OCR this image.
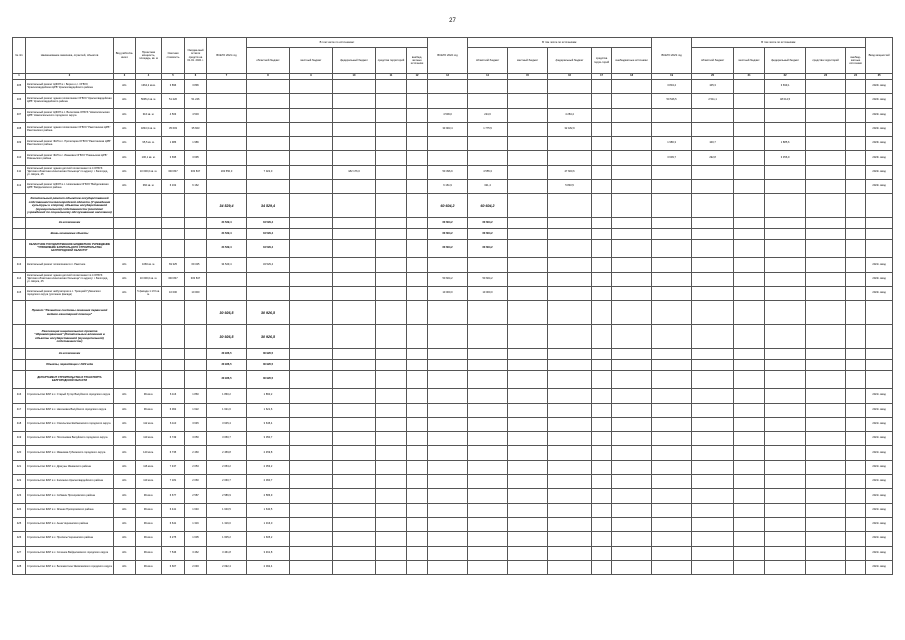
27
№ п/п	Наименование заказчика, отраслей, объектов	Вид работ/ие-иного	Проектная мощность, площадь, кв. м	Сметная стоимость	Ожидае-мый остаток средств на 01.01. 2021 г.	ВСЕГО 2021 год	В том числе по источникам:					ВСЕГО 2022 год	В том числе по источникам:					ВСЕГО 2023 год	В том числе по источникам:					Ввод мощностей
							областной бюджет	местный бюджет	федеральный бюджет	средства территорий	внебюд-жетные источники		областной бюджет	местный бюджет	федеральный бюджет	средства терри-торий	внебюджетные источники		областной бюджет	местный бюджет	федеральный бюджет	средства территорий	внебюд-жетные источники	
1	2	3	4	5	6	7	8	9	10	11	12	13	14	15	16	17	18	19	20	21	22	23	24	25
405	Капитальный ремонт ЦФОП в г. Бирюч и с. ОГБУЗ "Красногвардейская ЦРБ" Красногвардейского района	обл.	1364,2 кв.м.	3 896	3 896													3 804,4	105,3		3 699,1			2024г. ввод
406	Капитальный ремонт здания поликлиники ОГБУЗ "Красногвардейская ЦРБ" Красногвардейского района	обл.	5695,2 кв. м.	51 226	51 226													50 526,5	2 511,1		48 014,5			2024г. ввод
407	Капитальный ремонт ЦФОП в с. Веселовка ОГБУЗ "Новооскольская ЦРБ" Новооскольского городского округа	обл.	316 кв. м.	4 503	4 503							4 509,0	224,6		4 284,4									2022г. ввод
408	Капитальный ремонт здания поликлиники ОГБУЗ "Ракитянская ЦРБ" Ракитянского района	обл.	1843,3 кв. м.	35 603	35 603							33 903,4	1 775,5		32 182,9									2022г. ввод
409	Капитальный ремонт ФАП в п. Пролетарка ОГБУЗ "Ракитянская ЦРБ" Ракитянского района	обл.	95,5 кв. м.	1 986	1 986													1 986,3	100,7		1 885,6			2023г. ввод
410	Капитальный ремонт ФАП в с. Ивановка ОГБУЗ "Ровеньская ЦРБ" Ровеньского района	обл.	106,1 кв. м.	3 695	3 695													3 609,7	292,8		3 356,9			2023г. ввод
411	Капитальный ремонт здания детской поликлиники № 4 ОГБУЗ "Детская областная клиническая больница" по адресу: г. Белгород, ул. Шорса, 45	обл.	10 000,0 кв. м.	303 847	303 847	193 550,3	7 022,0		182 176,0			50 396,9	4 555,3		47 600,6									2022г. ввод
412	Капитальный ремонт ЦФОП в с. Николаевка ОГБУЗ "Вейделевская ЦРБ" Вейделевского района	обл.	360 кв. м.	6 162	6 162							6 161,9	321,4		5 840,5									2022г. ввод
	Капитальный ремонт объектов государственной собственности Белгородской области (Учреждения культуры и спорта), объекты государственной (муниципальной) собственности (комплекс учреждений по социальному обслуживанию населения)					34 529,4	34 529,4					60 604,2	60 604,2											
	За исключением					34 529,4	34 529,4					60 604,2	60 604,2											
	Вновь начинаемые объекты					34 529,4	34 529,4					60 604,2	60 604,2											
	ОБЛАСТНОЕ ГОСУДАРСТВЕННОЕ БЮДЖЕТНОЕ УЧРЕЖДЕНИЕ "УПРАВЛЕНИЕ КАПИТАЛЬНОГО СТРОИТЕЛЬСТВА БЕЛГОРОДСКОЙ ОБЛАСТИ"					34 529,4	34 529,4					60 604,2	60 604,2											
413	Капитальный ремонт поликлиники в п. Ракитное	обл.	1066 кв. м.	69 325	69 325	34 529,4	34 529,4																	2021г. ввод
414	Капитальный ремонт здания детской поликлиники № 4 ОГБУЗ "Детская областная клиническая больница" по адресу: г. Белгород, ул. Шорса, 45	обл.	10 000,0 кв. м.	303 847	303 847							50 604,2	50 604,2											2022г. ввод
415	Капитальный ремонт амбулатории в с. Троицкий Губкинского городского округа (усиление фасада)	обл.	5 фасада 1 172 кв. м.	10 000	10 000							10 000,0	10 000,0											2022г. ввод
	Проект "Развитие системы оказания первичной медико-санитарной помощи"					30 926,5	30 926,5																	
	Реализация национального проекта "Здравоохранение" (Капитальные вложения в объекты государственной (муниципальной) собственности)					30 926,5	30 926,5																	
	За исключением					30 926,5	30 926,5																	
	Объекты, переходящие с 2020 года					30 926,5	30 926,5																	
	ДЕПАРТАМЕНТ СТРОИТЕЛЬСТВА И ТРАНСПОРТА БЕЛГОРОДСКОЙ ОБЛАСТИ					30 926,5	30 926,5																	
416	Строительство ФАП в с. Старый Хутор Валуйского городского округа	обл.	99 кв.м.	6 116	1 860	1 860,2	1 860,2																	2021г. ввод
417	Строительство ФАП в с. Насоновка Валуйского городского округа	обл.	99 кв.м.	6 062	1 622	1 621,6	1 621,6																	2021г. ввод
418	Строительство ФАП в с. Оскольское Шебекинского городского округа	обл.	112 кв.м.	6 110	3 645	3 645,4	3 645,4																	2021г. ввод
419	Строительство ФАП в с. Посохновка Валуйского городского округа	обл.	110 кв.м.	6 749	3 050	3 050,7	3 050,7																	2021г. ввод
420	Строительство ФАП в с. Ивановка Губкинского городского округа	обл.	140 кв.м.	6 735	2 460	2 459,8	2 459,8																	2021г. ввод
421	Строительство ФАП в с. Драгуны Ивнянского района	обл.	116 кв.м.	7 437	2 053	2 053,2	2 053,2																	2021г. ввод
422	Строительство ФАП в с. Калинино Красногвардейского района	обл.	110 кв.м.	7 181	2 060	2 060,7	2 060,7																	2021г. ввод
423	Строительство ФАП в с. Собакин Прохоровского района	обл.	99 кв.м.	6 677	2 587	2 586,9	2 586,9																	2021г. ввод
424	Строительство ФАП в с. Ясенки Прохоровского района	обл.	99 кв.м.	6 441	1 640	1 640,5	1 640,5																	2021г. ввод
425	Строительство ФАП в с. Анна Чернянского района	обл.	99 кв.м.	6 641	1 316	1 316,0	1 316,0																	2021г. ввод
426	Строительство ФАП в с. Прилепы Чернянского района	обл.	99 кв.м.	6 275	1 605	1 605,2	1 605,2																	2021г. ввод
427	Строительство ФАП в с. Соленое Вейделевского городского округа	обл.	99 кв.м.	7 546	3 462	3 461,8	3 461,8																	2021г. ввод
428	Строительство ФАП в с. Беломестное Яковлевского городского округа	обл.	99 кв.м.	6 607	2 093	2 092,4	2 092,4																	2021г. ввод
